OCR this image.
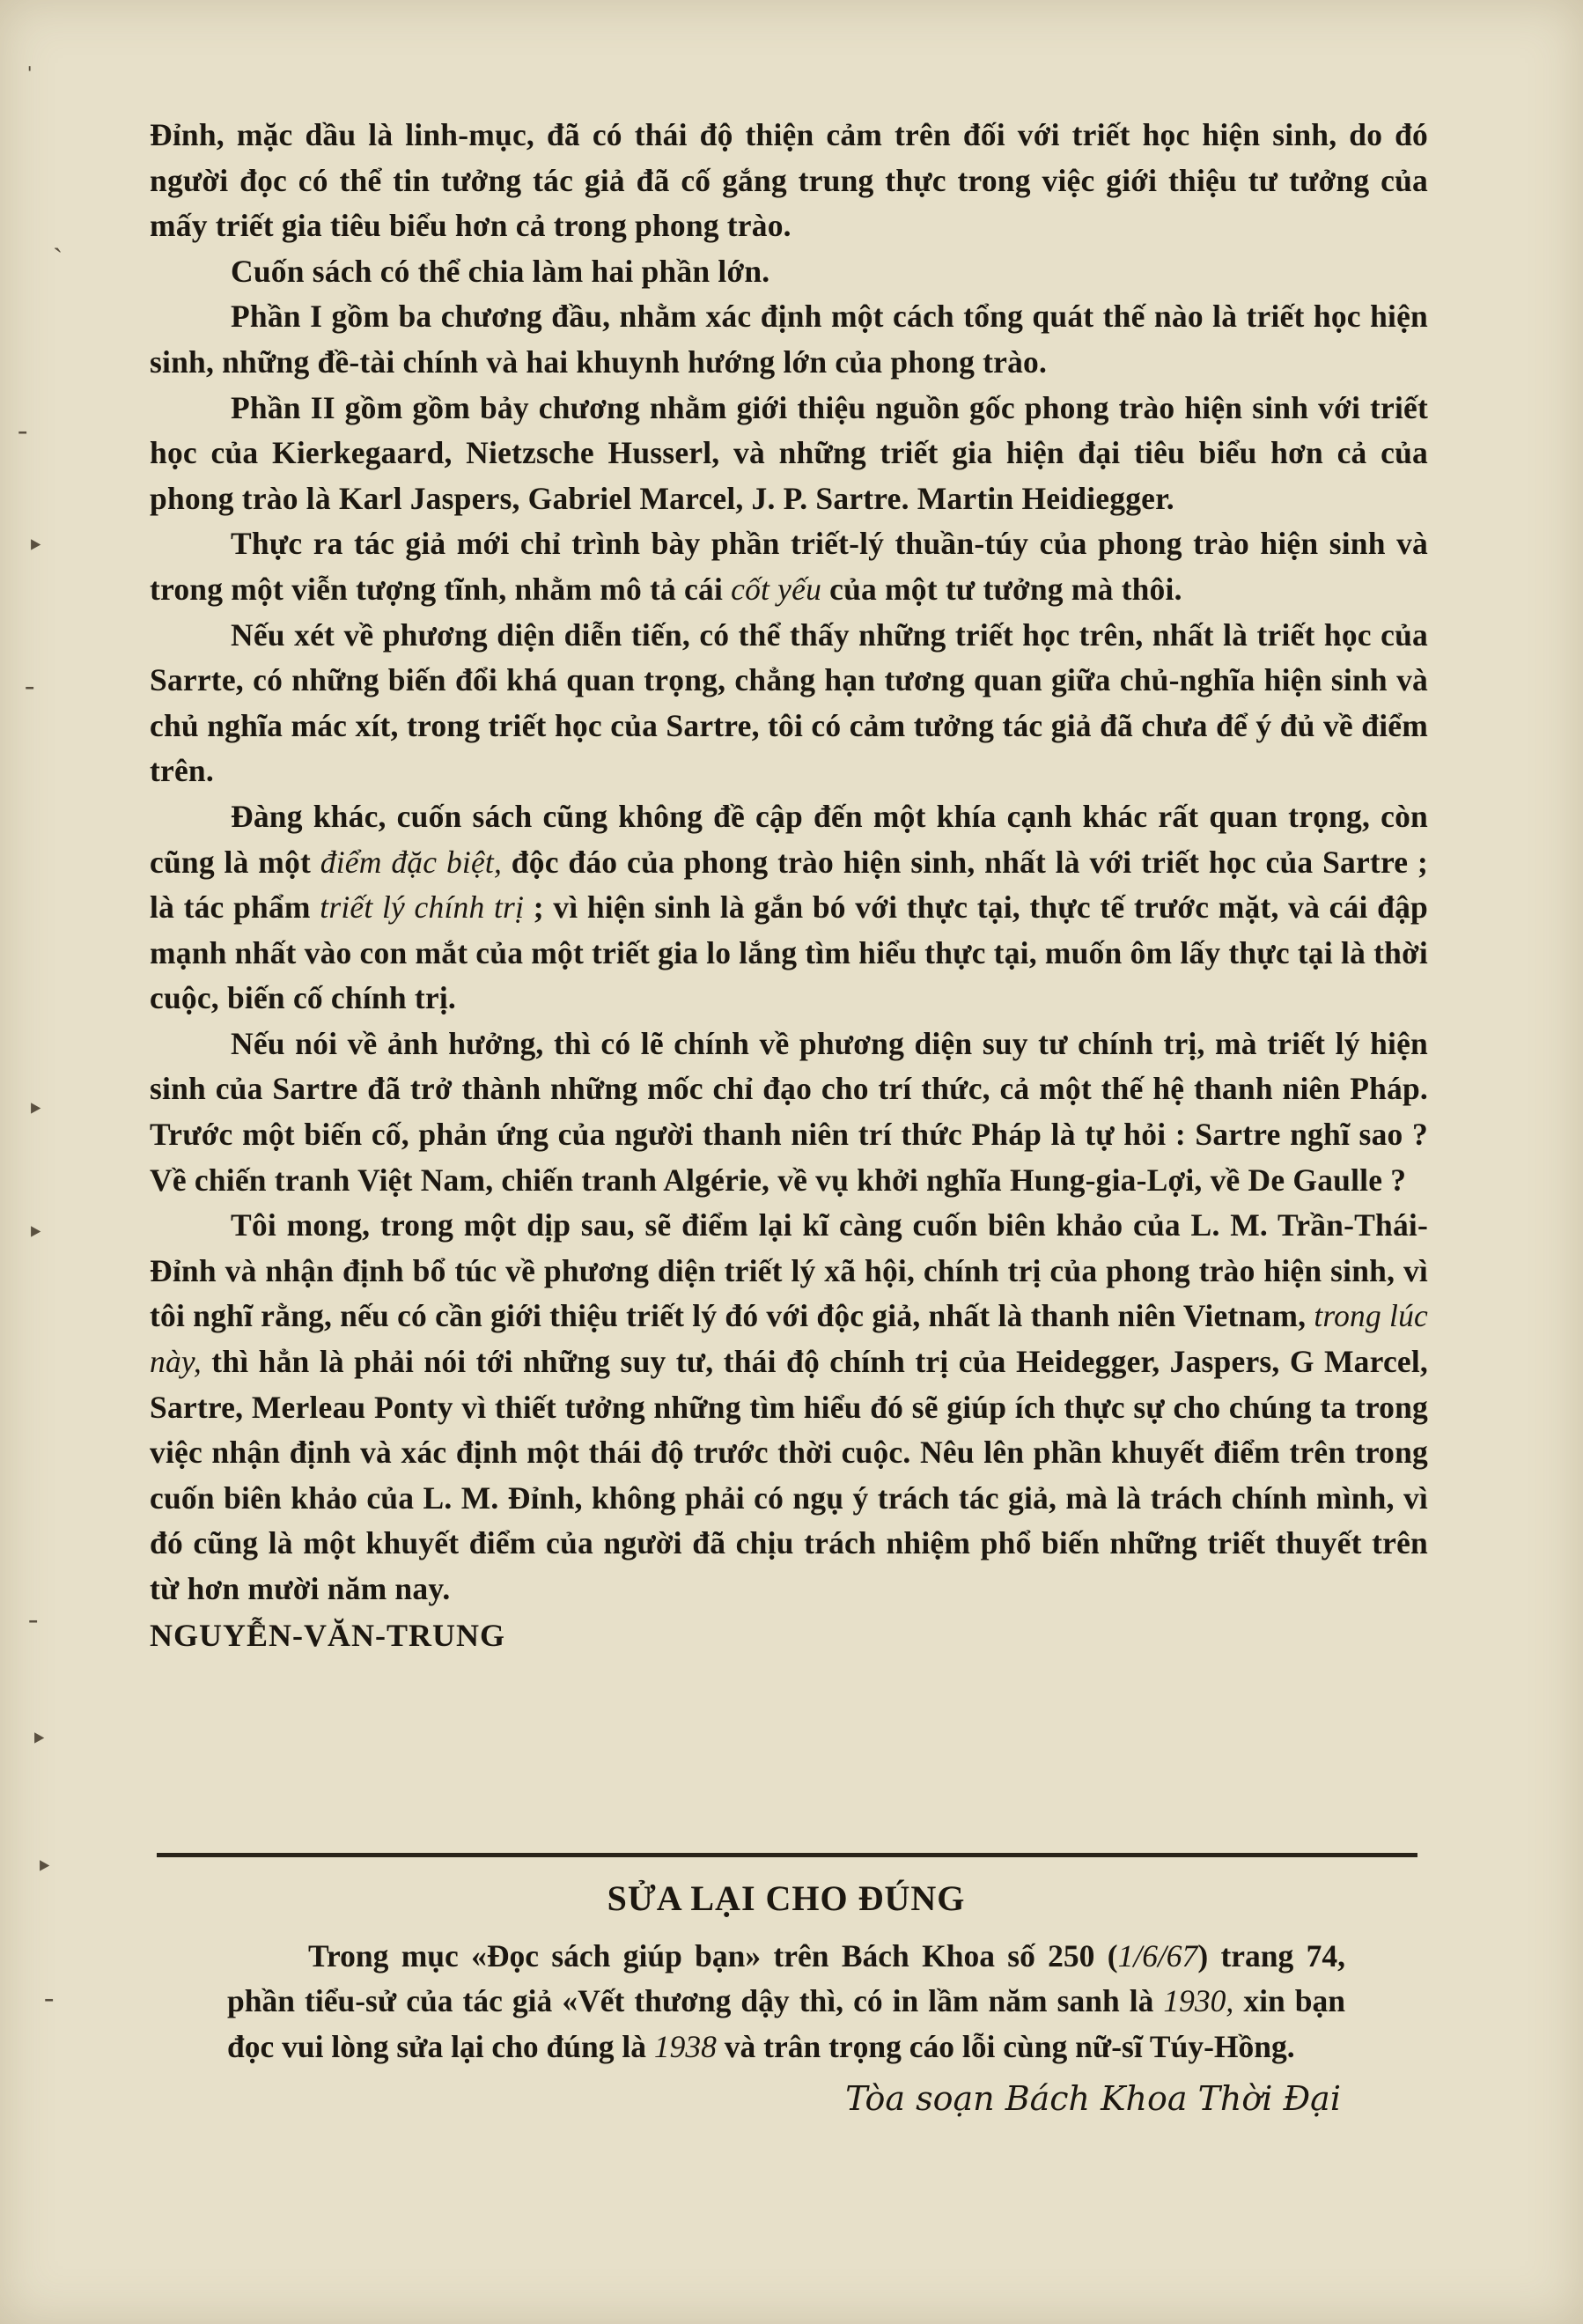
ˈ
ˎ
-
‣
-
‣
‣
-
‣
‣
-

Đỉnh, mặc dầu là linh-mục, đã có thái độ thiện cảm trên đối với triết học hiện sinh, do đó người đọc có thể tin tưởng tác giả đã cố gắng trung thực trong việc giới thiệu tư tưởng của mấy triết gia tiêu biểu hơn cả trong phong trào.

Cuốn sách có thể chia làm hai phần lớn.

Phần I gồm ba chương đầu, nhằm xác định một cách tổng quát thế nào là triết học hiện sinh, những đề-tài chính và hai khuynh hướng lớn của phong trào.

Phần II gồm gồm bảy chương nhằm giới thiệu nguồn gốc phong trào hiện sinh với triết học của Kierkegaard, Nietzsche Husserl, và những triết gia hiện đại tiêu biểu hơn cả của phong trào là Karl Jaspers, Gabriel Marcel, J. P. Sartre. Martin Heidiegger.

Thực ra tác giả mới chỉ trình bày phần triết-lý thuần-túy của phong trào hiện sinh và trong một viễn tượng tĩnh, nhằm mô tả cái cốt yếu của một tư tưởng mà thôi.

Nếu xét về phương diện diễn tiến, có thể thấy những triết học trên, nhất là triết học của Sarrte, có những biến đổi khá quan trọng, chẳng hạn tương quan giữa chủ-nghĩa hiện sinh và chủ nghĩa mác xít, trong triết học của Sartre, tôi có cảm tưởng tác giả đã chưa để ý đủ về điểm trên.

Đàng khác, cuốn sách cũng không đề cập đến một khía cạnh khác rất quan trọng, còn cũng là một điểm đặc biệt, độc đáo của phong trào hiện sinh, nhất là với triết học của Sartre ; là tác phẩm triết lý chính trị ; vì hiện sinh là gắn bó với thực tại, thực tế trước mặt, và cái đập mạnh nhất vào con mắt của một triết gia lo lắng tìm hiểu thực tại, muốn ôm lấy thực tại là thời cuộc, biến cố chính trị.

Nếu nói về ảnh hưởng, thì có lẽ chính về phương diện suy tư chính trị, mà triết lý hiện sinh của Sartre đã trở thành những mốc chỉ đạo cho trí thức, cả một thế hệ thanh niên Pháp. Trước một biến cố, phản ứng của người thanh niên trí thức Pháp là tự hỏi : Sartre nghĩ sao ? Về chiến tranh Việt Nam, chiến tranh Algérie, về vụ khởi nghĩa Hung-gia-Lợi, về De Gaulle ?

Tôi mong, trong một dịp sau, sẽ điểm lại kĩ càng cuốn biên khảo của L. M. Trần-Thái-Đỉnh và nhận định bổ túc về phương diện triết lý xã hội, chính trị của phong trào hiện sinh, vì tôi nghĩ rằng, nếu có cần giới thiệu triết lý đó với độc giả, nhất là thanh niên Vietnam, trong lúc này, thì hẳn là phải nói tới những suy tư, thái độ chính trị của Heidegger, Jaspers, G Marcel, Sartre, Merleau Ponty vì thiết tưởng những tìm hiểu đó sẽ giúp ích thực sự cho chúng ta trong việc nhận định và xác định một thái độ trước thời cuộc. Nêu lên phần khuyết điểm trên trong cuốn biên khảo của L. M. Đỉnh, không phải có ngụ ý trách tác giả, mà là trách chính mình, vì đó cũng là một khuyết điểm của người đã chịu trách nhiệm phổ biến những triết thuyết trên từ hơn mười năm nay.

NGUYỄN-VĂN-TRUNG

SỬA LẠI CHO ĐÚNG

Trong mục «Đọc sách giúp bạn» trên Bách Khoa số 250 (1/6/67) trang 74, phần tiểu-sử của tác giả «Vết thương dậy thì, có in lầm năm sanh là 1930, xin bạn đọc vui lòng sửa lại cho đúng là 1938 và trân trọng cáo lỗi cùng nữ-sĩ Túy-Hồng.

Tòa soạn Bách Khoa Thời Đại
